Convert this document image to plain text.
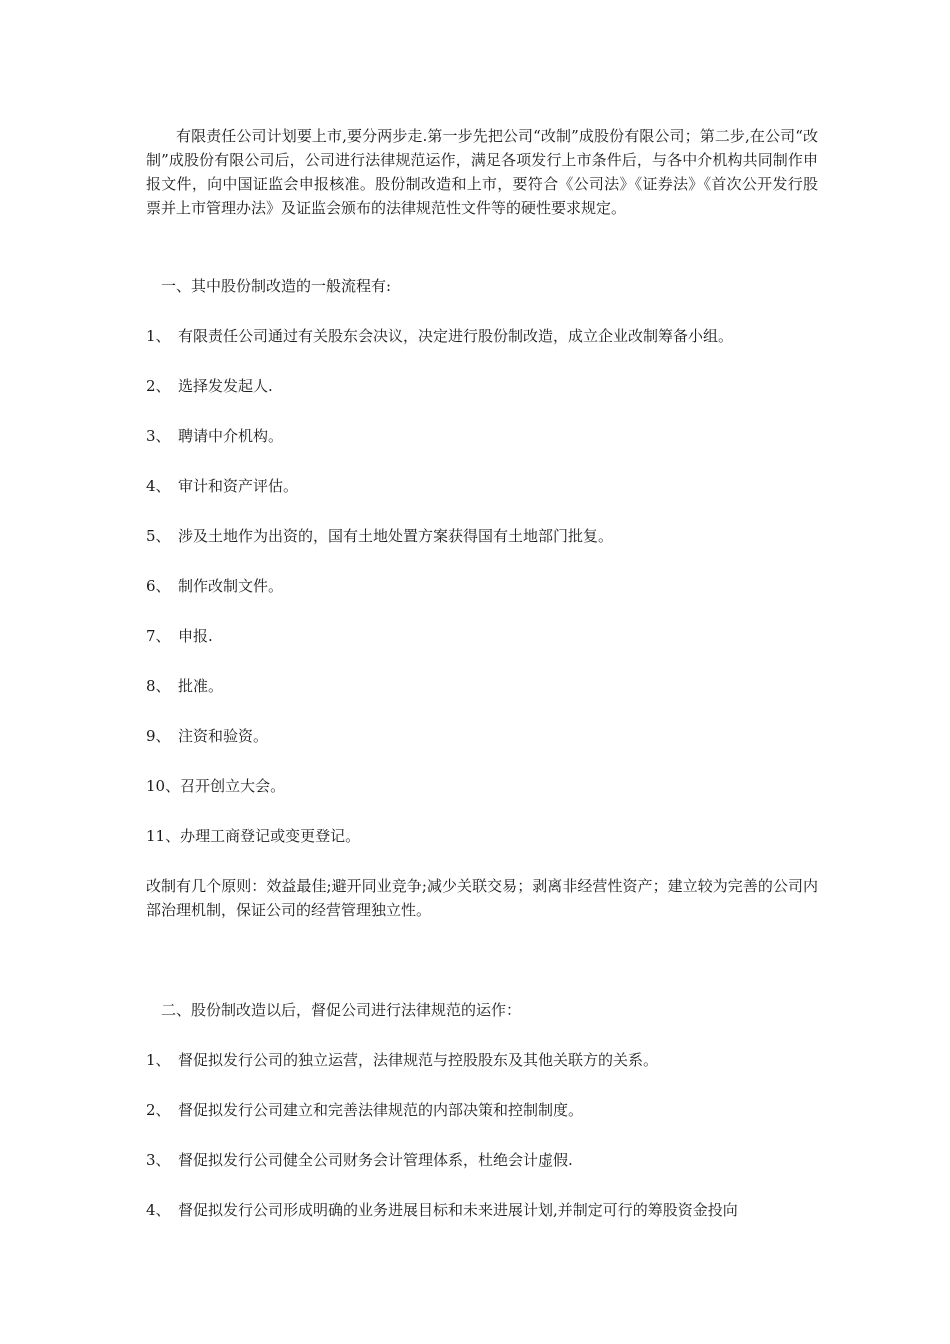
有限责任公司计划要上市,要分两步走.第一步先把公司“改制”成股份有限公司；第二步,在公司“改制”成股份有限公司后，公司进行法律规范运作，满足各项发行上市条件后，与各中介机构共同制作申报文件，向中国证监会申报核准。股份制改造和上市，要符合《公司法》《证券法》《首次公开发行股票并上市管理办法》及证监会颁布的法律规范性文件等的硬性要求规定。

一、其中股份制改造的一般流程有:

1、 有限责任公司通过有关股东会决议，决定进行股份制改造，成立企业改制筹备小组。

2、 选择发发起人.

3、 聘请中介机构。

4、 审计和资产评估。

5、 涉及土地作为出资的，国有土地处置方案获得国有土地部门批复。

6、 制作改制文件。

7、 申报.

8、 批准。

9、 注资和验资。

10、召开创立大会。

11、办理工商登记或变更登记。

改制有几个原则：效益最佳;避开同业竞争;减少关联交易；剥离非经营性资产；建立较为完善的公司内部治理机制，保证公司的经营管理独立性。

二、股份制改造以后，督促公司进行法律规范的运作：

1、 督促拟发行公司的独立运营，法律规范与控股股东及其他关联方的关系。

2、 督促拟发行公司建立和完善法律规范的内部决策和控制制度。

3、 督促拟发行公司健全公司财务会计管理体系，杜绝会计虚假.

4、 督促拟发行公司形成明确的业务进展目标和未来进展计划,并制定可行的筹股资金投向
